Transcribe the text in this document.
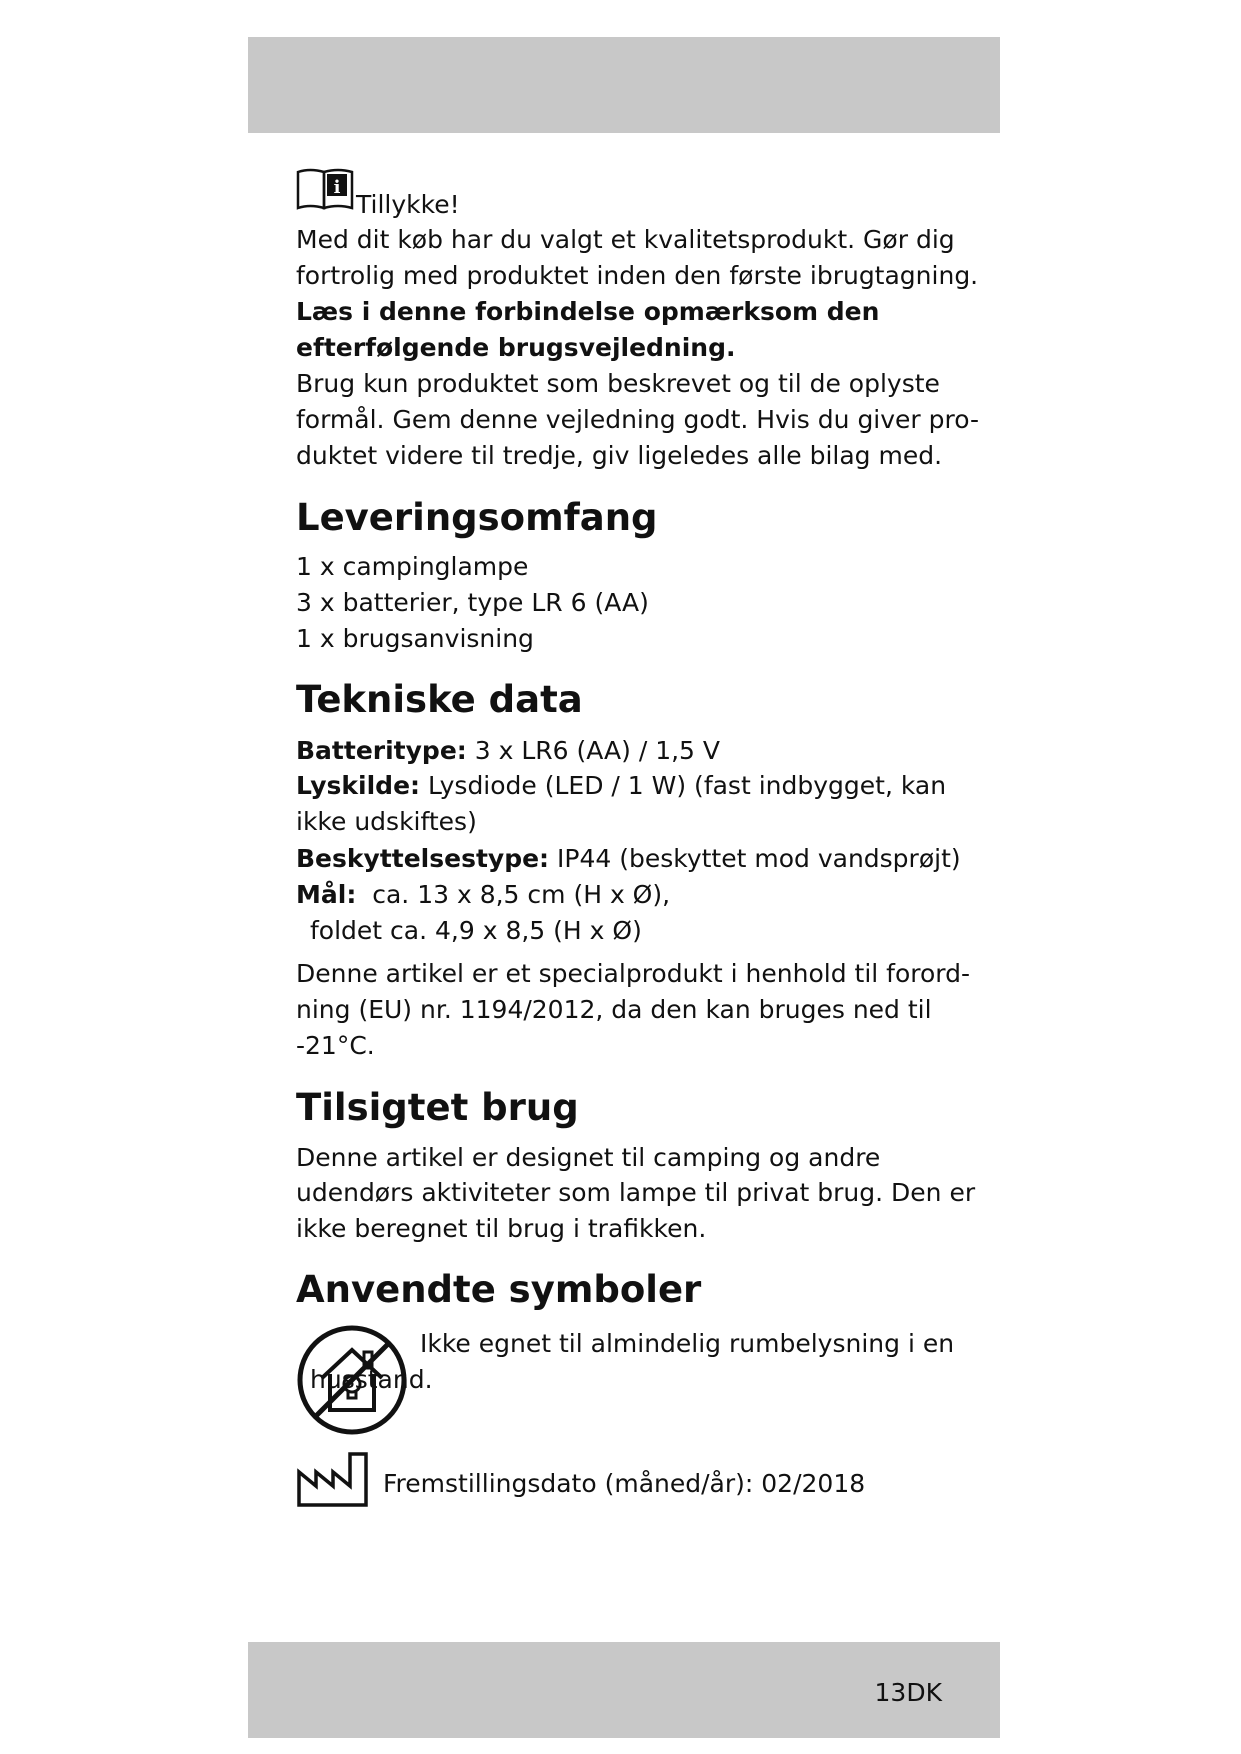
i
Tillykke!
Med dit køb har du valgt et kvalitetsprodukt. Gør dig
fortrolig med produktet inden den første ibrugtagning.
Læs i denne forbindelse opmærksom den
efterfølgende brugsvejledning.
Brug kun produktet som beskrevet og til de oplyste
formål. Gem denne vejledning godt. Hvis du giver pro-
duktet videre til tredje, giv ligeledes alle bilag med.
Leveringsomfang
1 x campinglampe
3 x batterier, type LR 6 (AA)
1 x brugsanvisning
Tekniske data
Batteritype: 3 x LR6 (AA) / 1,5 V
Lyskilde: Lysdiode (LED / 1 W) (fast indbygget, kan
ikke udskiftes)
Beskyttelsestype: IP44 (beskyttet mod vandsprøjt)
Mål: ca. 13 x 8,5 cm (H x Ø),
foldet ca. 4,9 x 8,5 (H x Ø)
Denne artikel er et specialprodukt i henhold til forord-
ning (EU) nr. 1194/2012, da den kan bruges ned til
-21°C.
Tilsigtet brug
Denne artikel er designet til camping og andre
udendørs aktiviteter som lampe til privat brug. Den er
ikke beregnet til brug i trafikken.
Anvendte symboler
Ikke egnet til almindelig rumbelysning i en
husstand.
Fremstillingsdato (måned/år): 02/2018
13DK
